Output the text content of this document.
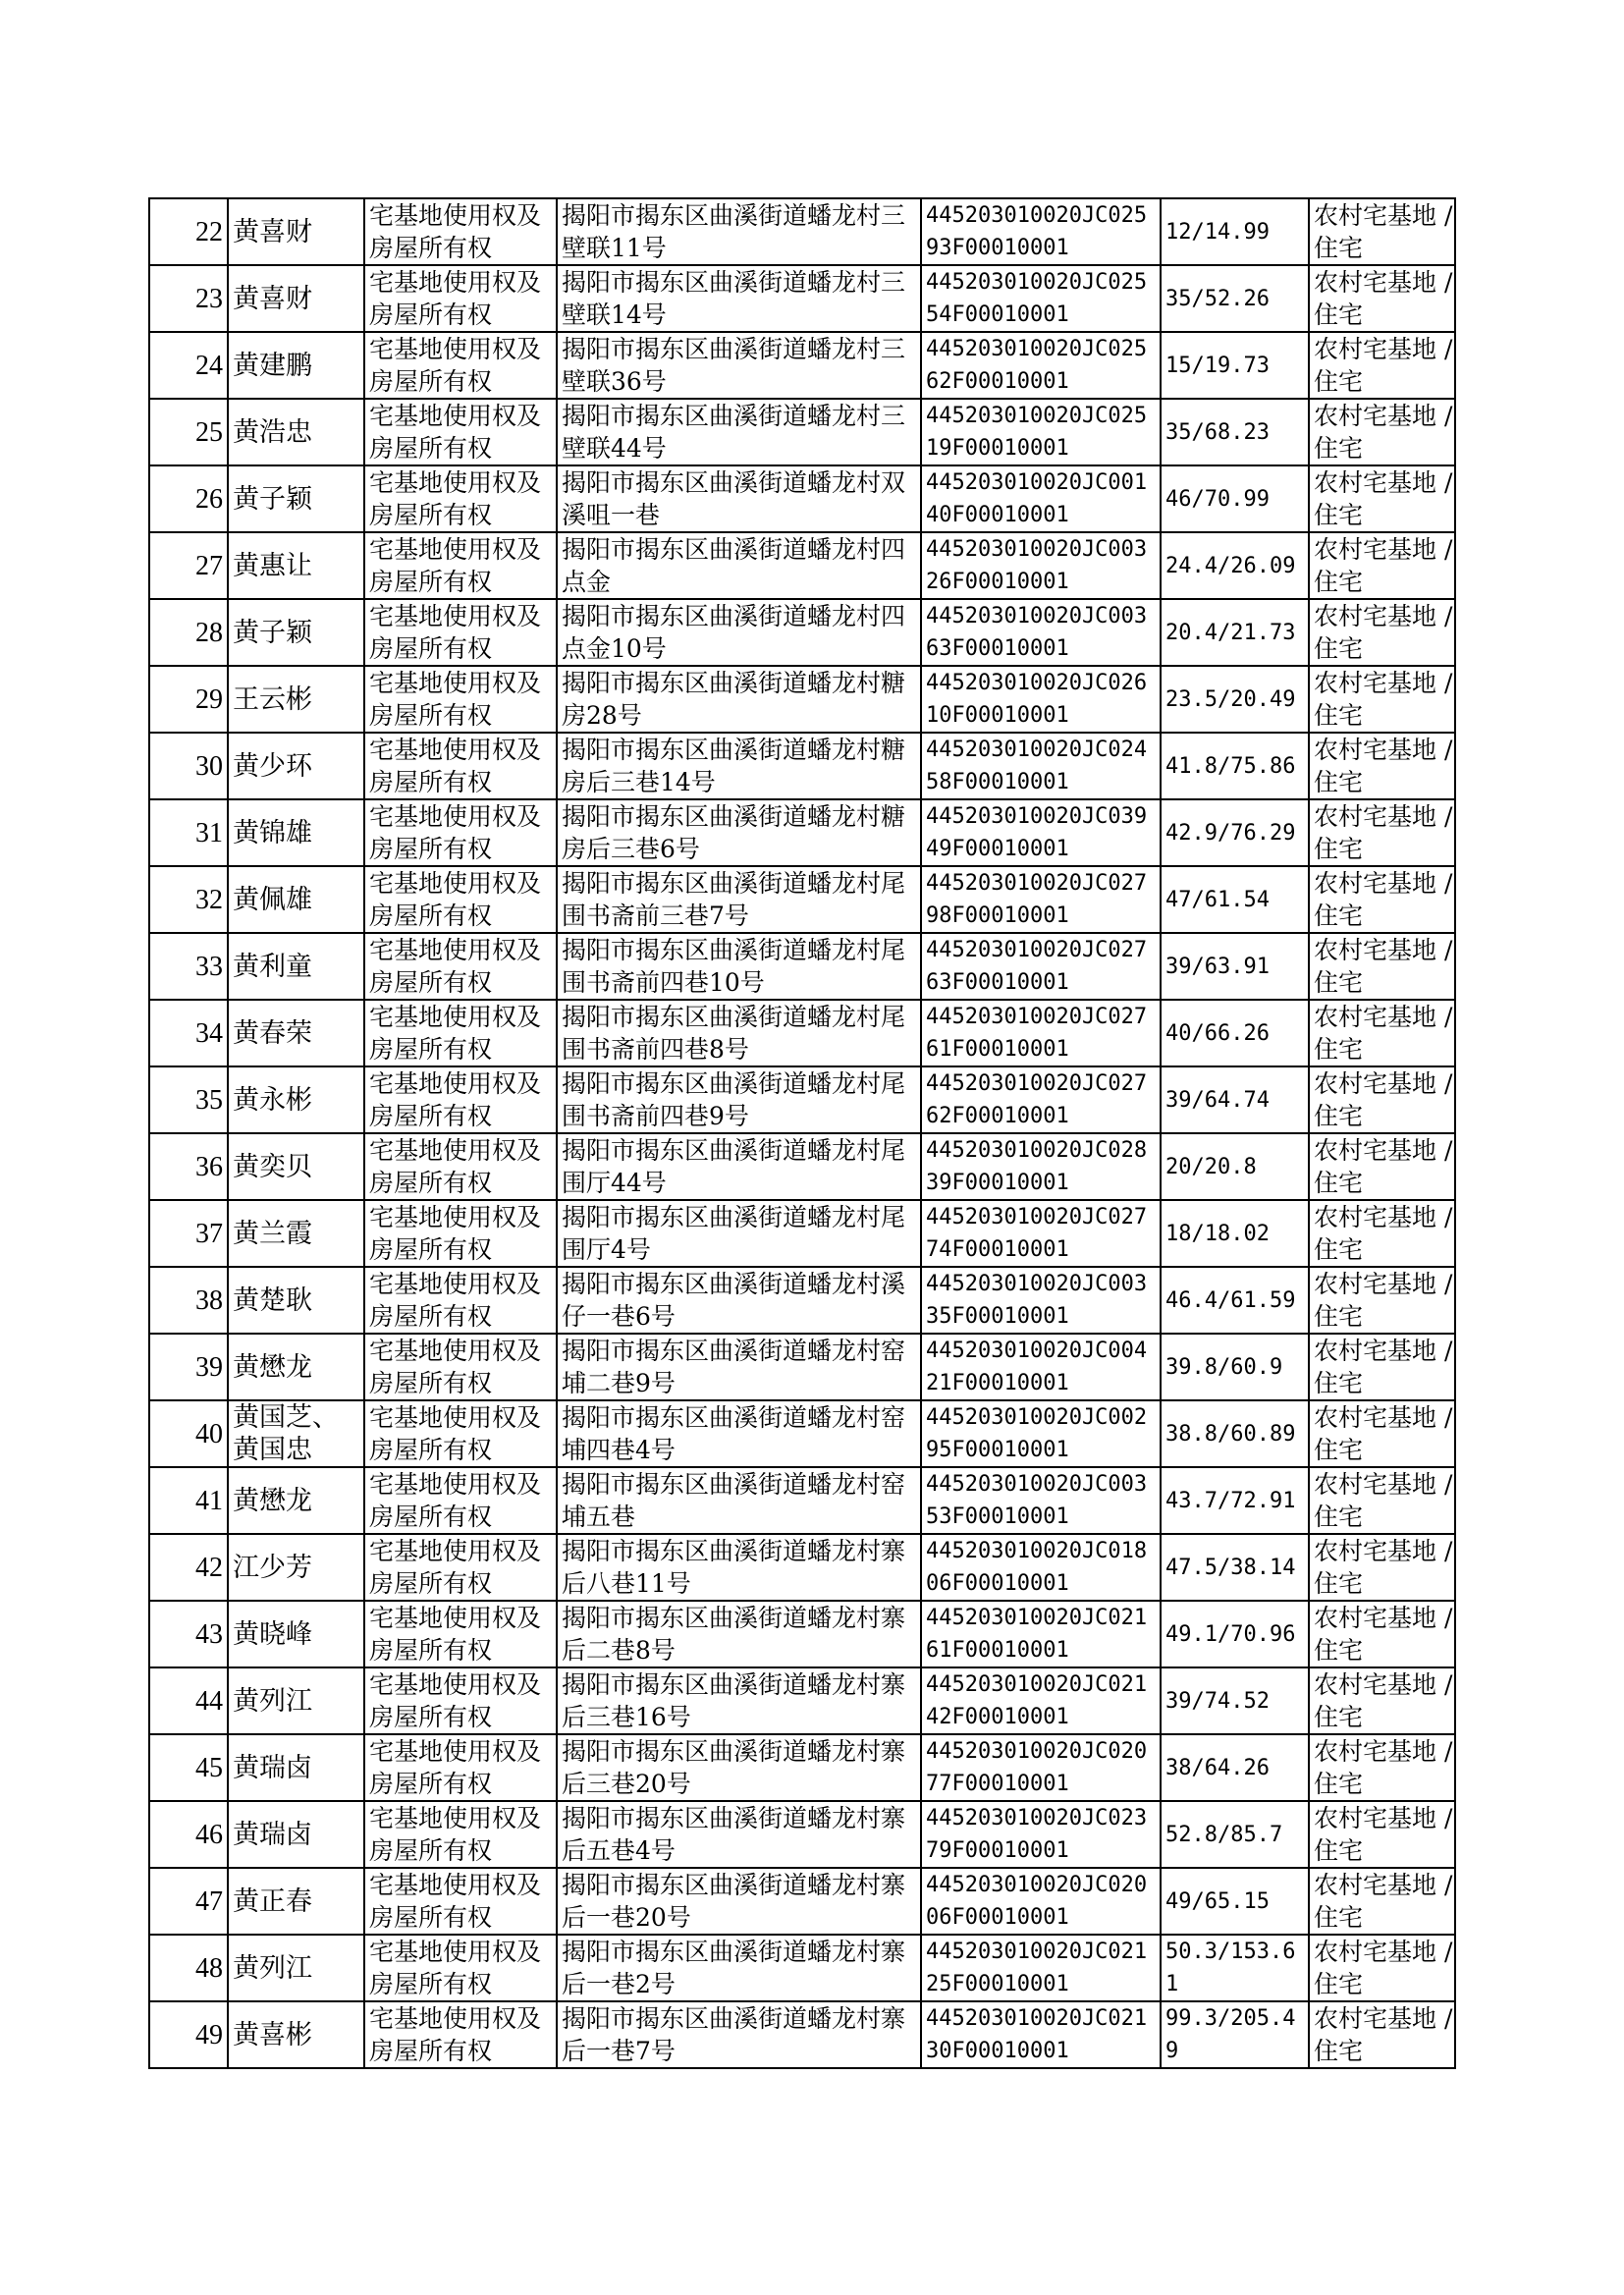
22	黄喜财	宅基地使用权及房屋所有权	揭阳市揭东区曲溪街道蟠龙村三壁联11号	445203010020JC02593F00010001	12/14.99	农村宅基地 / 住宅
23	黄喜财	宅基地使用权及房屋所有权	揭阳市揭东区曲溪街道蟠龙村三壁联14号	445203010020JC02554F00010001	35/52.26	农村宅基地 / 住宅
24	黄建鹏	宅基地使用权及房屋所有权	揭阳市揭东区曲溪街道蟠龙村三壁联36号	445203010020JC02562F00010001	15/19.73	农村宅基地 / 住宅
25	黄浩忠	宅基地使用权及房屋所有权	揭阳市揭东区曲溪街道蟠龙村三壁联44号	445203010020JC02519F00010001	35/68.23	农村宅基地 / 住宅
26	黄子颖	宅基地使用权及房屋所有权	揭阳市揭东区曲溪街道蟠龙村双溪咀一巷	445203010020JC00140F00010001	46/70.99	农村宅基地 / 住宅
27	黄惠让	宅基地使用权及房屋所有权	揭阳市揭东区曲溪街道蟠龙村四点金	445203010020JC00326F00010001	24.4/26.09	农村宅基地 / 住宅
28	黄子颖	宅基地使用权及房屋所有权	揭阳市揭东区曲溪街道蟠龙村四点金10号	445203010020JC00363F00010001	20.4/21.73	农村宅基地 / 住宅
29	王云彬	宅基地使用权及房屋所有权	揭阳市揭东区曲溪街道蟠龙村糖房28号	445203010020JC02610F00010001	23.5/20.49	农村宅基地 / 住宅
30	黄少环	宅基地使用权及房屋所有权	揭阳市揭东区曲溪街道蟠龙村糖房后三巷14号	445203010020JC02458F00010001	41.8/75.86	农村宅基地 / 住宅
31	黄锦雄	宅基地使用权及房屋所有权	揭阳市揭东区曲溪街道蟠龙村糖房后三巷6号	445203010020JC03949F00010001	42.9/76.29	农村宅基地 / 住宅
32	黄佩雄	宅基地使用权及房屋所有权	揭阳市揭东区曲溪街道蟠龙村尾围书斋前三巷7号	445203010020JC02798F00010001	47/61.54	农村宅基地 / 住宅
33	黄利童	宅基地使用权及房屋所有权	揭阳市揭东区曲溪街道蟠龙村尾围书斋前四巷10号	445203010020JC02763F00010001	39/63.91	农村宅基地 / 住宅
34	黄春荣	宅基地使用权及房屋所有权	揭阳市揭东区曲溪街道蟠龙村尾围书斋前四巷8号	445203010020JC02761F00010001	40/66.26	农村宅基地 / 住宅
35	黄永彬	宅基地使用权及房屋所有权	揭阳市揭东区曲溪街道蟠龙村尾围书斋前四巷9号	445203010020JC02762F00010001	39/64.74	农村宅基地 / 住宅
36	黄奕贝	宅基地使用权及房屋所有权	揭阳市揭东区曲溪街道蟠龙村尾围厅44号	445203010020JC02839F00010001	20/20.8	农村宅基地 / 住宅
37	黄兰霞	宅基地使用权及房屋所有权	揭阳市揭东区曲溪街道蟠龙村尾围厅4号	445203010020JC02774F00010001	18/18.02	农村宅基地 / 住宅
38	黄楚耿	宅基地使用权及房屋所有权	揭阳市揭东区曲溪街道蟠龙村溪仔一巷6号	445203010020JC00335F00010001	46.4/61.59	农村宅基地 / 住宅
39	黄懋龙	宅基地使用权及房屋所有权	揭阳市揭东区曲溪街道蟠龙村窑埔二巷9号	445203010020JC00421F00010001	39.8/60.9	农村宅基地 / 住宅
40	黄国芝、黄国忠	宅基地使用权及房屋所有权	揭阳市揭东区曲溪街道蟠龙村窑埔四巷4号	445203010020JC00295F00010001	38.8/60.89	农村宅基地 / 住宅
41	黄懋龙	宅基地使用权及房屋所有权	揭阳市揭东区曲溪街道蟠龙村窑埔五巷	445203010020JC00353F00010001	43.7/72.91	农村宅基地 / 住宅
42	江少芳	宅基地使用权及房屋所有权	揭阳市揭东区曲溪街道蟠龙村寨后八巷11号	445203010020JC01806F00010001	47.5/38.14	农村宅基地 / 住宅
43	黄晓峰	宅基地使用权及房屋所有权	揭阳市揭东区曲溪街道蟠龙村寨后二巷8号	445203010020JC02161F00010001	49.1/70.96	农村宅基地 / 住宅
44	黄列江	宅基地使用权及房屋所有权	揭阳市揭东区曲溪街道蟠龙村寨后三巷16号	445203010020JC02142F00010001	39/74.52	农村宅基地 / 住宅
45	黄瑞卤	宅基地使用权及房屋所有权	揭阳市揭东区曲溪街道蟠龙村寨后三巷20号	445203010020JC02077F00010001	38/64.26	农村宅基地 / 住宅
46	黄瑞卤	宅基地使用权及房屋所有权	揭阳市揭东区曲溪街道蟠龙村寨后五巷4号	445203010020JC02379F00010001	52.8/85.7	农村宅基地 / 住宅
47	黄正春	宅基地使用权及房屋所有权	揭阳市揭东区曲溪街道蟠龙村寨后一巷20号	445203010020JC02006F00010001	49/65.15	农村宅基地 / 住宅
48	黄列江	宅基地使用权及房屋所有权	揭阳市揭东区曲溪街道蟠龙村寨后一巷2号	445203010020JC02125F00010001	50.3/153.61	农村宅基地 / 住宅
49	黄喜彬	宅基地使用权及房屋所有权	揭阳市揭东区曲溪街道蟠龙村寨后一巷7号	445203010020JC02130F00010001	99.3/205.49	农村宅基地 / 住宅
